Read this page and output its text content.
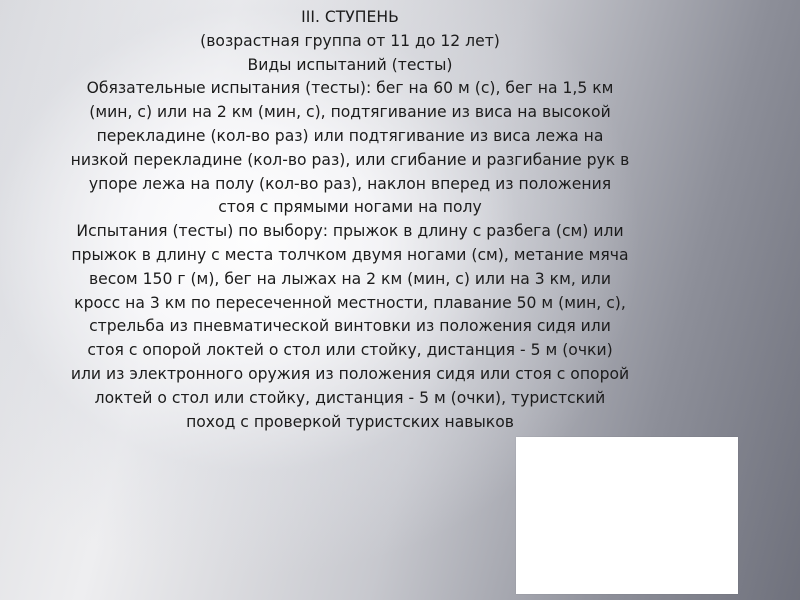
III. СТУПЕНЬ

(возрастная группа от 11 до 12 лет)

Виды испытаний (тесты)

Обязательные испытания (тесты): бег на 60 м (с), бег на 1,5 км (мин, с) или на 2 км (мин, с), подтягивание из виса на высокой перекладине (кол-во раз) или подтягивание из виса лежа на низкой перекладине (кол-во раз), или сгибание и разгибание рук в упоре лежа на полу (кол-во раз), наклон вперед из положения стоя с прямыми ногами на полу

Испытания (тесты) по выбору: прыжок в длину с разбега (см) или прыжок в длину с места толчком двумя ногами (см), метание мяча весом 150 г (м), бег на лыжах на 2 км (мин, с) или на 3 км, или кросс на 3 км по пересеченной местности, плавание 50 м (мин, с), стрельба из пневматической винтовки из положения сидя или стоя с опорой локтей о стол или стойку, дистанция - 5 м (очки) или из электронного оружия из положения сидя или стоя с опорой локтей о стол или стойку, дистанция - 5 м (очки), туристский поход с проверкой туристских навыков
